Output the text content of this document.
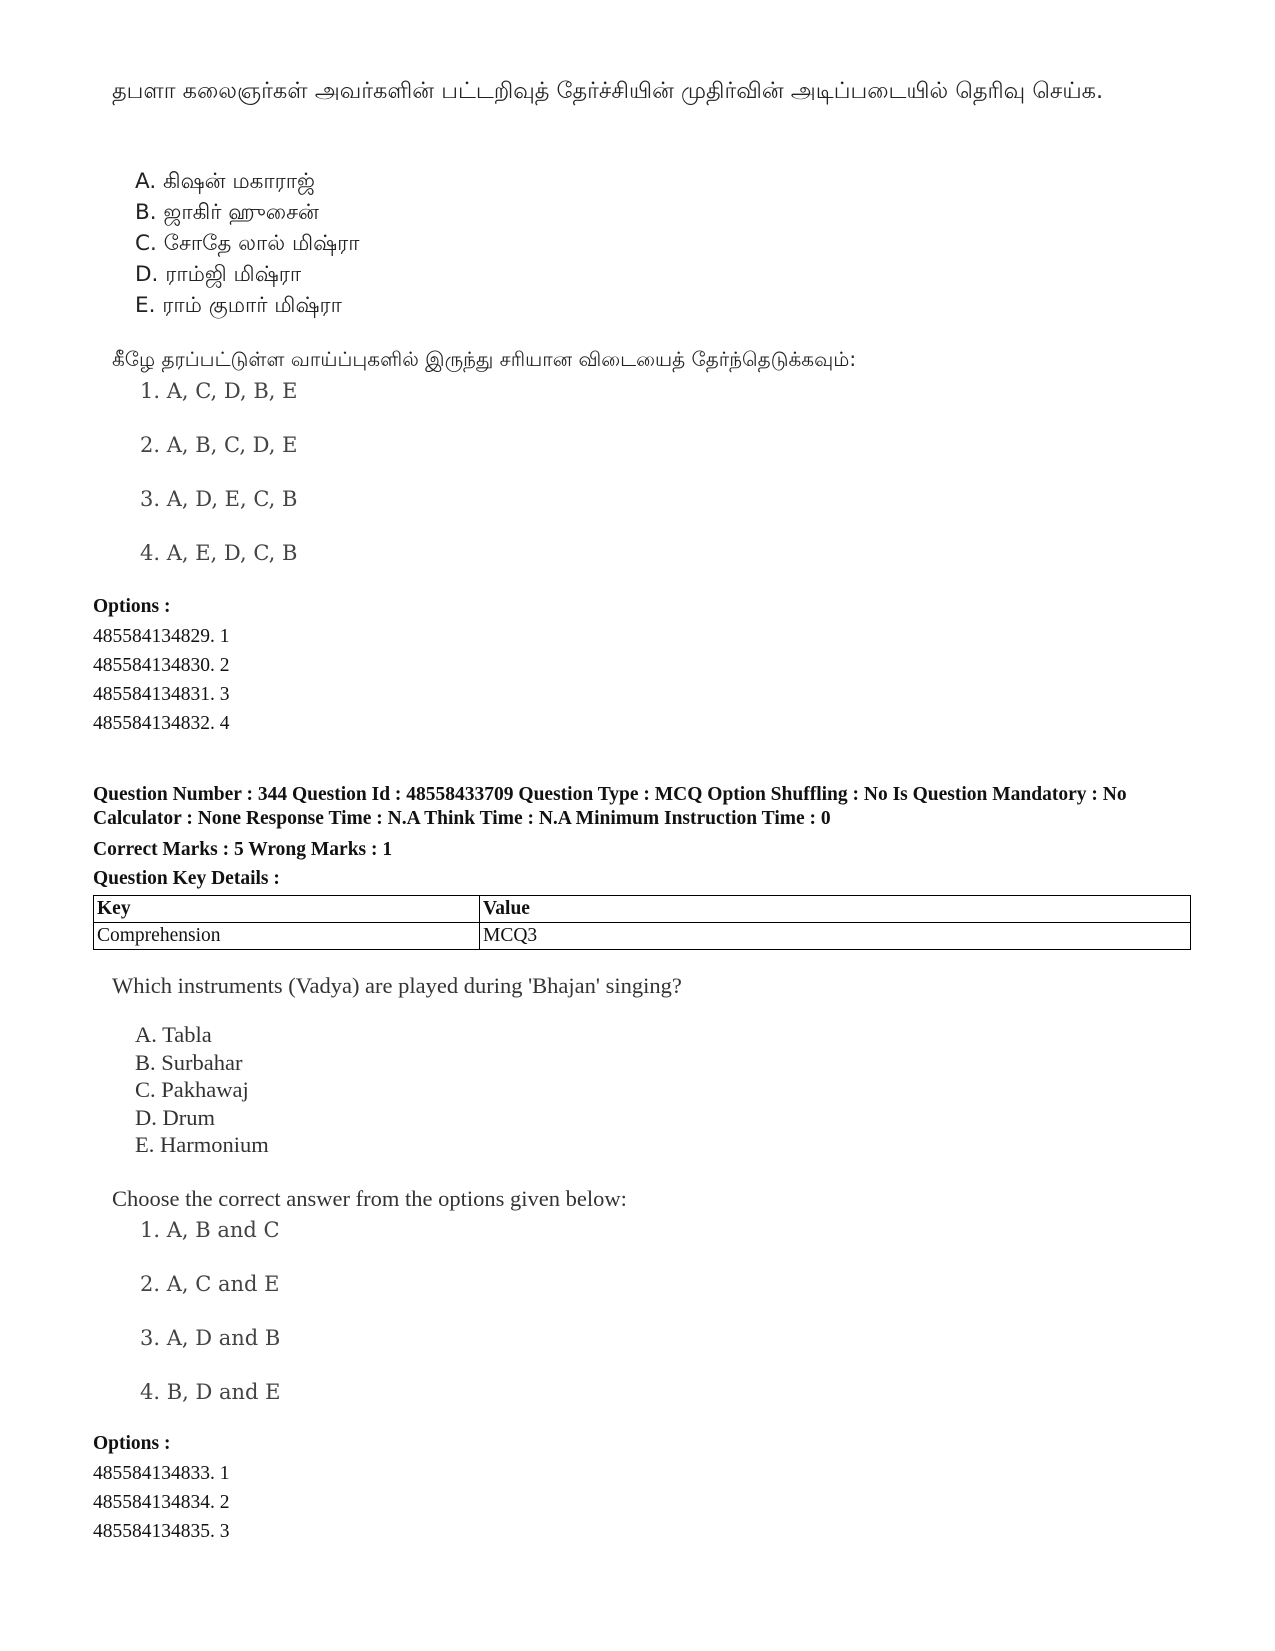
தபளா கலைஞர்கள் அவர்களின் பட்டறிவுத் தேர்ச்சியின் முதிர்வின் அடிப்படையில் தெரிவு செய்க.
A. கிஷன் மகாராஜ்
B. ஜாகிர் ஹுசைன்
C. சோதே லால் மிஷ்ரா
D. ராம்ஜி மிஷ்ரா
E. ராம் குமார் மிஷ்ரா
கீழே தரப்பட்டுள்ள வாய்ப்புகளில் இருந்து சரியான விடையைத் தேர்ந்தெடுக்கவும்:
1. A, C, D, B, E
2. A, B, C, D, E
3. A, D, E, C, B
4. A, E, D, C, B
Options :
485584134829. 1
485584134830. 2
485584134831. 3
485584134832. 4
Question Number : 344 Question Id : 48558433709 Question Type : MCQ Option Shuffling : No Is Question Mandatory : No Calculator : None Response Time : N.A Think Time : N.A Minimum Instruction Time : 0
Correct Marks : 5 Wrong Marks : 1
Question Key Details :
Key	Value
Comprehension	MCQ3
Which instruments (Vadya) are played during 'Bhajan' singing?
A. Tabla
B. Surbahar
C. Pakhawaj
D. Drum
E. Harmonium
Choose the correct answer from the options given below:
1. A, B and C
2. A, C and E
3. A, D and B
4. B, D and E
Options :
485584134833. 1
485584134834. 2
485584134835. 3
